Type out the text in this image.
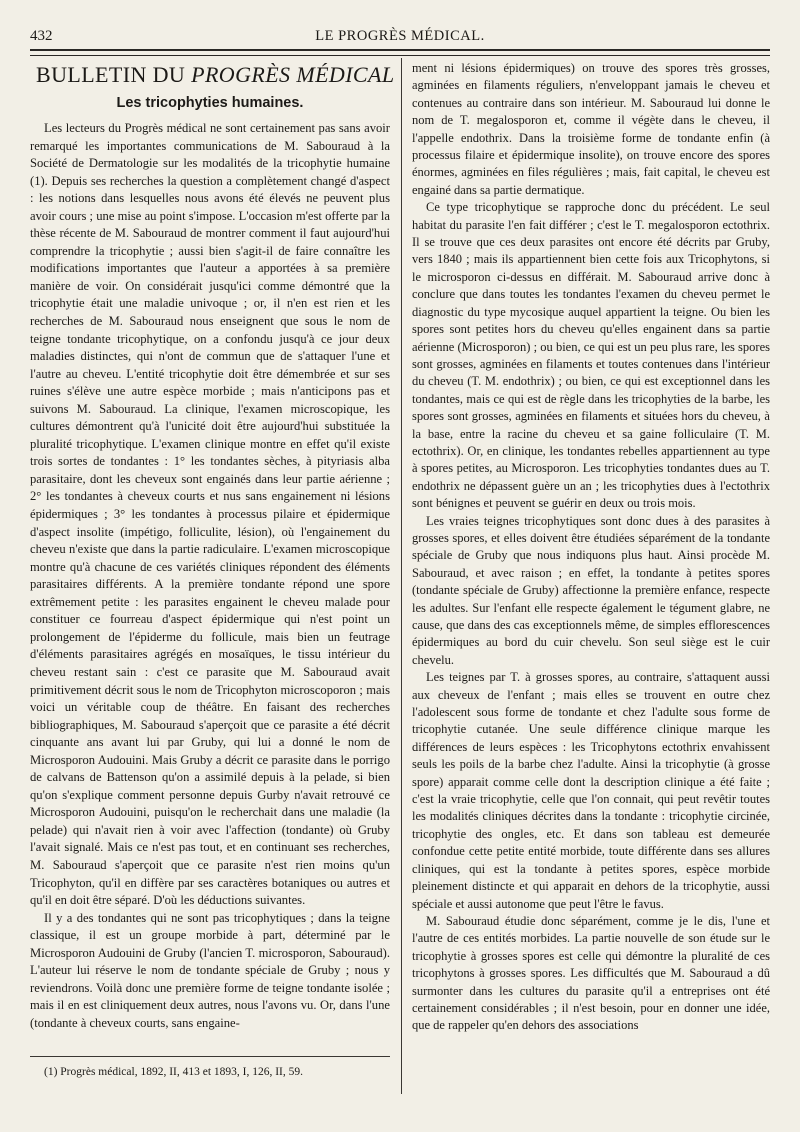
432	LE PROGRÈS MÉDICAL.
BULLETIN DU PROGRÈS MÉDICAL
Les tricophyties humaines.

Les lecteurs du Progrès médical ne sont certainement pas sans avoir remarqué les importantes communications de M. Sabouraud à la Société de Dermatologie sur les modalités de la tricophytie humaine (1). Depuis ses recherches la question a complètement changé d'aspect : les notions dans lesquelles nous avons été élevés ne peuvent plus avoir cours ; une mise au point s'impose. L'occasion m'est offerte par la thèse récente de M. Sabouraud de montrer comment il faut aujourd'hui comprendre la tricophytie ; aussi bien s'agit-il de faire connaître les modifications importantes que l'auteur a apportées à sa première manière de voir. On considérait jusqu'ici comme démontré que la tricophytie était une maladie univoque ; or, il n'en est rien et les recherches de M. Sabouraud nous enseignent que sous le nom de teigne tondante tricophytique, on a confondu jusqu'à ce jour deux maladies distinctes, qui n'ont de commun que de s'attaquer l'une et l'autre au cheveu. L'entité tricophytie doit être démembrée et sur ses ruines s'élève une autre espèce morbide ; mais n'anticipons pas et suivons M. Sabouraud. La clinique, l'examen microscopique, les cultures démontrent qu'à l'unicité doit être aujourd'hui substituée la pluralité tricophytique. L'examen clinique montre en effet qu'il existe trois sortes de tondantes : 1° les tondantes sèches, à pityriasis alba parasitaire, dont les cheveux sont engainés dans leur partie aérienne ; 2° les tondantes à cheveux courts et nus sans engainement ni lésions épidermiques ; 3° les tondantes à processus pilaire et épidermique d'aspect insolite (impétigo, folliculite, lésion), où l'engainement du cheveu n'existe que dans la partie radiculaire. L'examen microscopique montre qu'à chacune de ces variétés cliniques répondent des éléments parasitaires différents. A la première tondante répond une spore extrêmement petite : les parasites engainent le cheveu malade pour constituer ce fourreau d'aspect épidermique qui n'est point un prolongement de l'épiderme du follicule, mais bien un feutrage d'éléments parasitaires agrégés en mosaïques, le tissu intérieur du cheveu restant sain : c'est ce parasite que M. Sabouraud avait primitivement décrit sous le nom de Tricophyton microscoporon ; mais voici un véritable coup de théâtre. En faisant des recherches bibliographiques, M. Sabouraud s'aperçoit que ce parasite a été décrit cinquante ans avant lui par Gruby, qui lui a donné le nom de Microsporon Audouini. Mais Gruby a décrit ce parasite dans le porrigo de calvans de Battenson qu'on a assimilé depuis à la pelade, si bien qu'on s'explique comment personne depuis Gurby n'avait retrouvé ce Microsporon Audouini, puisqu'on le recherchait dans une maladie (la pelade) qui n'avait rien à voir avec l'affection (tondante) où Gruby l'avait signalé. Mais ce n'est pas tout, et en continuant ses recherches, M. Sabouraud s'aperçoit que ce parasite n'est rien moins qu'un Tricophyton, qu'il en diffère par ses caractères botaniques ou autres et qu'il en doit être séparé. D'où les déductions suivantes.

Il y a des tondantes qui ne sont pas tricophytiques ; dans la teigne classique, il est un groupe morbide à part, déterminé par le Microsporon Audouini de Gruby (l'ancien T. microsporon, Sabouraud). L'auteur lui réserve le nom de tondante spéciale de Gruby ; nous y reviendrons. Voilà donc une première forme de teigne tondante isolée ; mais il en est cliniquement deux autres, nous l'avons vu. Or, dans l'une (tondante à cheveux courts, sans engaine-

ment ni lésions épidermiques) on trouve des spores très grosses, agminées en filaments réguliers, n'enveloppant jamais le cheveu et contenues au contraire dans son intérieur. M. Sabouraud lui donne le nom de T. megalosporon et, comme il végète dans le cheveu, il l'appelle endothrix. Dans la troisième forme de tondante enfin (à processus filaire et épidermique insolite), on trouve encore des spores énormes, agminées en files régulières ; mais, fait capital, le cheveu est engainé dans sa partie dermatique.

Ce type tricophytique se rapproche donc du précédent. Le seul habitat du parasite l'en fait différer ; c'est le T. megalosporon ectothrix. Il se trouve que ces deux parasites ont encore été décrits par Gruby, vers 1840 ; mais ils appartiennent bien cette fois aux Tricophytons, si le microsporon ci-dessus en différait. M. Sabouraud arrive donc à conclure que dans toutes les tondantes l'examen du cheveu permet le diagnostic du type mycosique auquel appartient la teigne. Ou bien les spores sont petites hors du cheveu qu'elles engainent dans sa partie aérienne (Microsporon) ; ou bien, ce qui est un peu plus rare, les spores sont grosses, agminées en filaments et toutes contenues dans l'intérieur du cheveu (T. M. endothrix) ; ou bien, ce qui est exceptionnel dans les tondantes, mais ce qui est de règle dans les tricophyties de la barbe, les spores sont grosses, agminées en filaments et situées hors du cheveu, à la base, entre la racine du cheveu et sa gaine folliculaire (T. M. ectothrix). Or, en clinique, les tondantes rebelles appartiennent au type à spores petites, au Microsporon. Les tricophyties tondantes dues au T. endothrix ne dépassent guère un an ; les tricophyties dues à l'ectothrix sont bénignes et peuvent se guérir en deux ou trois mois.

Les vraies teignes tricophytiques sont donc dues à des parasites à grosses spores, et elles doivent être étudiées séparément de la tondante spéciale de Gruby que nous indiquons plus haut. Ainsi procède M. Sabouraud, et avec raison ; en effet, la tondante à petites spores (tondante spéciale de Gruby) affectionne la première enfance, respecte les adultes. Sur l'enfant elle respecte également le tégument glabre, ne cause, que dans des cas exceptionnels même, de simples efflorescences épidermiques au bord du cuir chevelu. Son seul siège est le cuir chevelu.

Les teignes par T. à grosses spores, au contraire, s'attaquent aussi aux cheveux de l'enfant ; mais elles se trouvent en outre chez l'adolescent sous forme de tondante et chez l'adulte sous forme de tricophytie cutanée. Une seule différence clinique marque les différences de leurs espèces : les Tricophytons ectothrix envahissent seuls les poils de la barbe chez l'adulte. Ainsi la tricophytie (à grosse spore) apparait comme celle dont la description clinique a été faite ; c'est la vraie tricophytie, celle que l'on connait, qui peut revêtir toutes les modalités cliniques décrites dans la tondante : tricophytie circinée, tricophytie des ongles, etc. Et dans son tableau est demeurée confondue cette petite entité morbide, toute différente dans ses allures cliniques, qui est la tondante à petites spores, espèce morbide pleinement distincte et qui apparait en dehors de la tricophytie, aussi spéciale et aussi autonome que peut l'être le favus.

M. Sabouraud étudie donc séparément, comme je le dis, l'une et l'autre de ces entités morbides. La partie nouvelle de son étude sur le tricophytie à grosses spores est celle qui démontre la pluralité de ces tricophytons à grosses spores. Les difficultés que M. Sabouraud a dû surmonter dans les cultures du parasite qu'il a entreprises ont été certainement considérables ; il n'est besoin, pour en donner une idée, que de rappeler qu'en dehors des associations

(1) Progrès médical, 1892, II, 413 et 1893, I, 126, II, 59.
